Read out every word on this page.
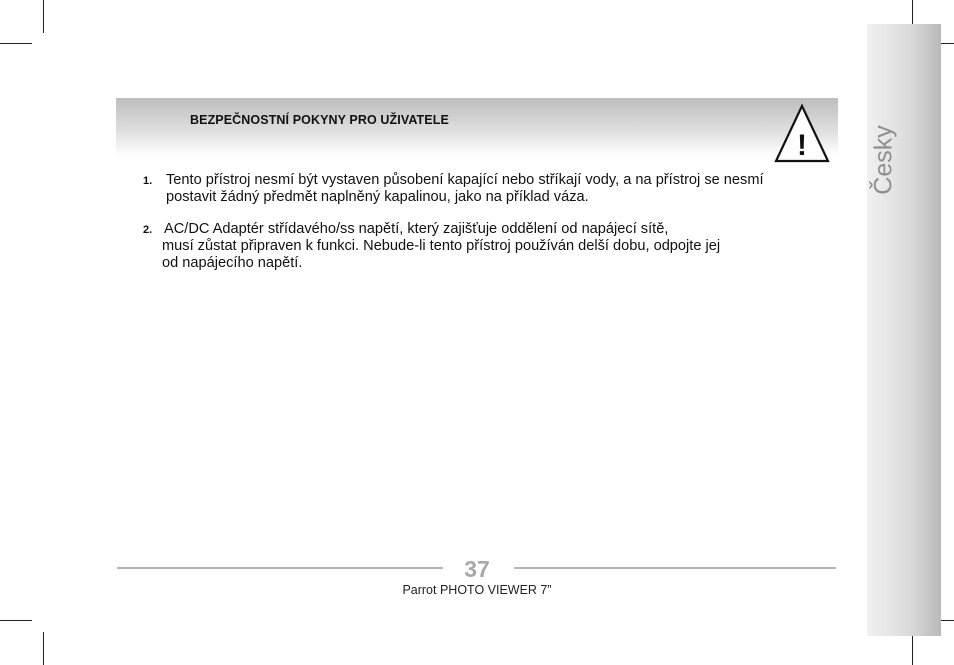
Česky
BEZPEČNOSTNÍ POKYNY PRO UŽIVATELE
!
1. Tento přístroj nesmí být vystaven působení kapající nebo stříkají vody, a na přístroj se nesmí
postavit žádný předmět naplněný kapalinou, jako na příklad váza.
2. AC/DC Adaptér střídavého/ss napětí, který zajišťuje oddělení od napájecí sítě,
musí zůstat připraven k funkci. Nebude-li tento přístroj používán delší dobu, odpojte jej
od napájecího napětí.
37
Parrot PHOTO VIEWER 7”
